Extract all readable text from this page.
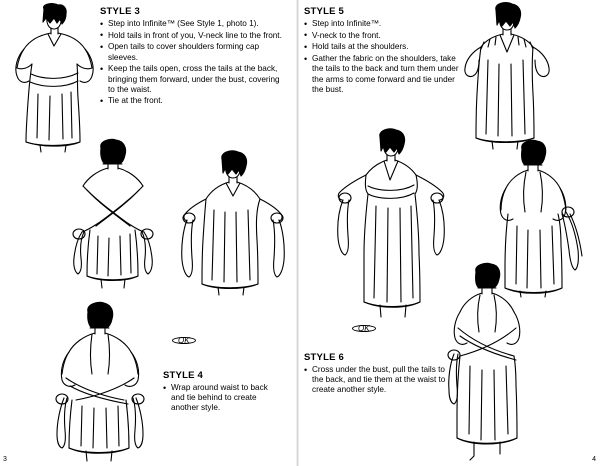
STYLE 3
• Step into Infinite™ (See Style 1, photo 1).
• Hold tails in front of you, V-neck line to the front.
• Open tails to cover shoulders forming cap sleeves.
• Keep the tails open, cross the tails at the back, bringing them forward, under the bust, covering to the waist.
• Tie at the front.
OK
STYLE 4
• Wrap around waist to back and tie behind to create another style.
3
STYLE 5
• Step into Infinite™.
• V-neck to the front.
• Hold tails at the shoulders.
• Gather the fabric on the shoulders, take the tails to the back and turn them under the arms to come forward and tie under the bust.
OK
STYLE 6
• Cross under the bust, pull the tails to the back, and tie them at the waist to create another style.
4
